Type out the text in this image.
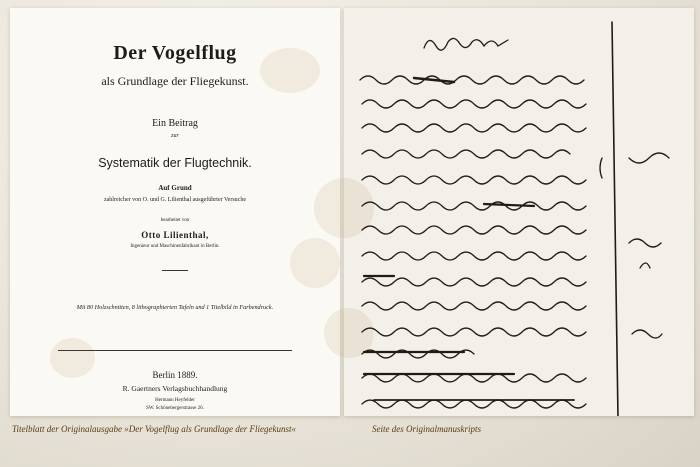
Der Vogelflug
als Grundlage der Fliegekunst.
Ein Beitrag
zur
Systematik der Flugtechnik.
Auf Grund
zahlreicher von O. und G. Lilienthal ausgeführter Versuche
bearbeitet von
Otto Lilienthal,
Ingenieur und Maschinenfabrikant in Berlin.
Mit 80 Holzschnitten, 8 lithographierten Tafeln und 1 Titelbild in Farbendruck.
Berlin 1889.
R. Gaertners Verlagsbuchhandlung
Hermann Heyfelder
SW. Schönebergerstrasse 26.
Titelblatt der Originalausgabe »Der Vogelflug als Grundlage der Fliegekunst«	Seite des Originalmanuskripts
